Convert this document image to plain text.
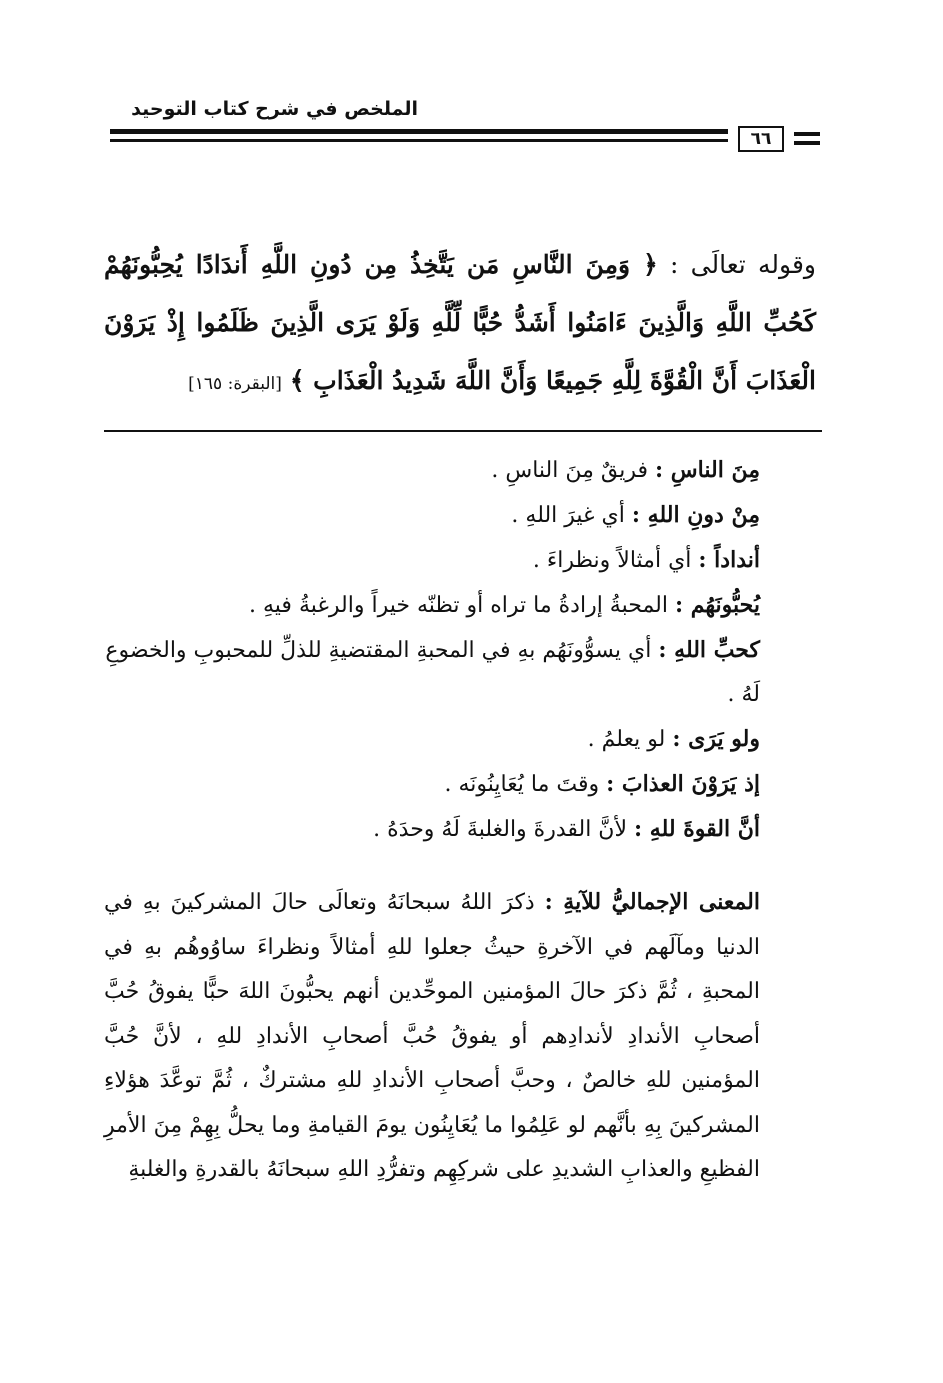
الملخص في شرح كتاب التوحيد
٦٦
وقوله تعالَى : ﴿ وَمِنَ النَّاسِ مَن يَتَّخِذُ مِن دُونِ اللَّهِ أَندَادًا يُحِبُّونَهُمْ كَحُبِّ اللَّهِ وَالَّذِينَ ءَامَنُوا أَشَدُّ حُبًّا لِّلَّهِ وَلَوْ يَرَى الَّذِينَ ظَلَمُوا إِذْ يَرَوْنَ الْعَذَابَ أَنَّ الْقُوَّةَ لِلَّهِ جَمِيعًا وَأَنَّ اللَّهَ شَدِيدُ الْعَذَابِ ﴾ [البقرة: ١٦٥]
مِنَ الناسِ : فريقٌ مِنَ الناسِ .
مِنْ دونِ اللهِ : أي غيرَ اللهِ .
أنداداً : أي أمثالاً ونظراءَ .
يُحبُّونَهُم : المحبةُ إرادةُ ما تراه أو تظنّه خيراً والرغبةُ فيهِ .
كحبِّ اللهِ : أي يسوُّونَهُم بهِ في المحبةِ المقتضيةِ للذلِّ للمحبوبِ والخضوعِ لَهُ .
ولو يَرَى : لو يعلمُ .
إذ يَرَوْنَ العذابَ : وقتَ ما يُعَايِنُونَه .
أنَّ القوةَ للهِ : لأنَّ القدرةَ والغلبةَ لَهُ وحدَهُ .

المعنى الإجماليُّ للآيةِ : ذكرَ اللهُ سبحانَهُ وتعالَى حالَ المشركينَ بهِ في الدنيا ومآلَهم في الآخرةِ حيثُ جعلوا للهِ أمثالاً ونظراءَ ساوُوهُم بهِ في المحبةِ ، ثُمَّ ذكرَ حالَ المؤمنين الموحِّدين أنهم يحبُّونَ اللهَ حبًّا يفوقُ حُبَّ أصحابِ الأندادِ لأندادِهم أو يفوقُ حُبَّ أصحابِ الأندادِ للهِ ، لأنَّ حُبَّ المؤمنين للهِ خالصٌ ، وحبَّ أصحابِ الأندادِ للهِ مشتركٌ ، ثُمَّ توعَّدَ هؤلاءِ المشركينَ بِهِ بأنَّهم لو عَلِمُوا ما يُعَايِنُون يومَ القيامةِ وما يحلُّ بِهِمْ مِنَ الأمرِ الفظيعِ والعذابِ الشديدِ على شركِهِم وتفرُّدِ اللهِ سبحانَهُ بالقدرةِ والغلبةِ
